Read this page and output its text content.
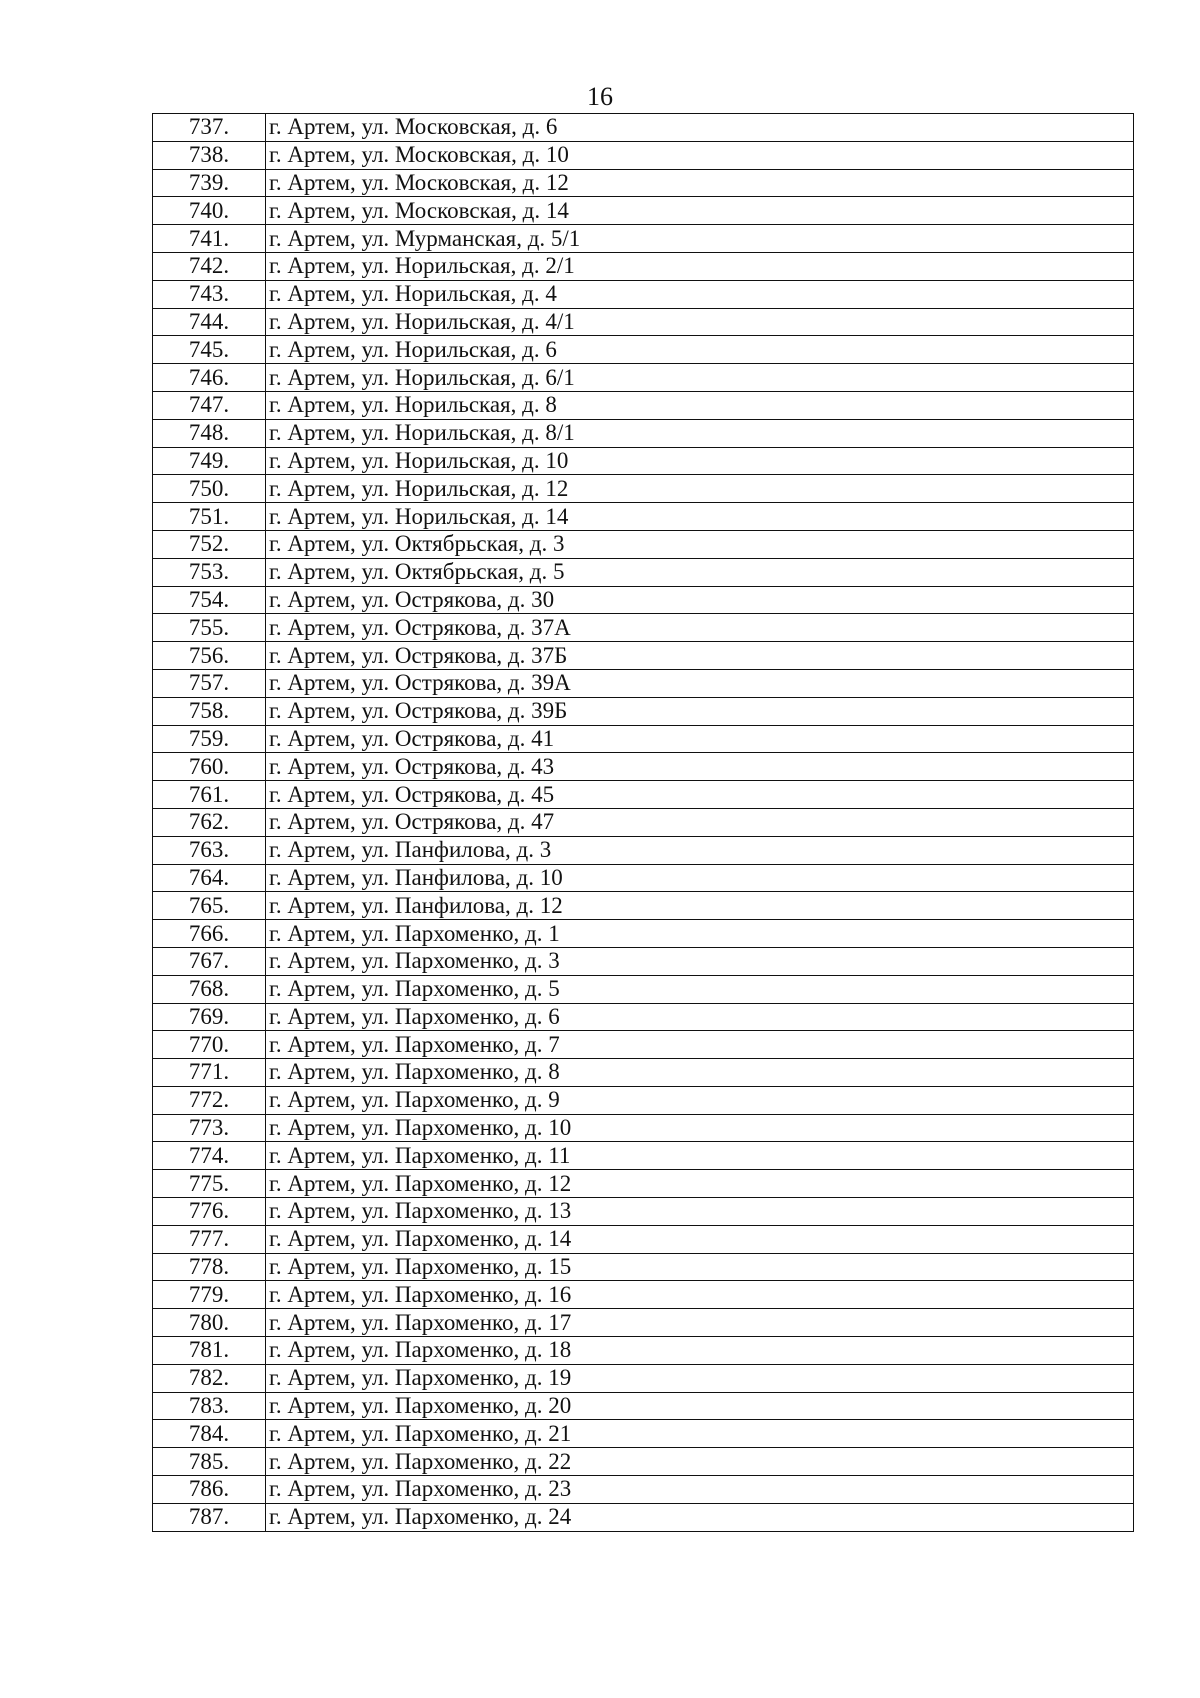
16
737.	г. Артем, ул. Московская, д. 6
738.	г. Артем, ул. Московская, д. 10
739.	г. Артем, ул. Московская, д. 12
740.	г. Артем, ул. Московская, д. 14
741.	г. Артем, ул. Мурманская, д. 5/1
742.	г. Артем, ул. Норильская, д. 2/1
743.	г. Артем, ул. Норильская, д. 4
744.	г. Артем, ул. Норильская, д. 4/1
745.	г. Артем, ул. Норильская, д. 6
746.	г. Артем, ул. Норильская, д. 6/1
747.	г. Артем, ул. Норильская, д. 8
748.	г. Артем, ул. Норильская, д. 8/1
749.	г. Артем, ул. Норильская, д. 10
750.	г. Артем, ул. Норильская, д. 12
751.	г. Артем, ул. Норильская, д. 14
752.	г. Артем, ул. Октябрьская, д. 3
753.	г. Артем, ул. Октябрьская, д. 5
754.	г. Артем, ул. Острякова, д. 30
755.	г. Артем, ул. Острякова, д. 37А
756.	г. Артем, ул. Острякова, д. 37Б
757.	г. Артем, ул. Острякова, д. 39А
758.	г. Артем, ул. Острякова, д. 39Б
759.	г. Артем, ул. Острякова, д. 41
760.	г. Артем, ул. Острякова, д. 43
761.	г. Артем, ул. Острякова, д. 45
762.	г. Артем, ул. Острякова, д. 47
763.	г. Артем, ул. Панфилова, д. 3
764.	г. Артем, ул. Панфилова, д. 10
765.	г. Артем, ул. Панфилова, д. 12
766.	г. Артем, ул. Пархоменко, д. 1
767.	г. Артем, ул. Пархоменко, д. 3
768.	г. Артем, ул. Пархоменко, д. 5
769.	г. Артем, ул. Пархоменко, д. 6
770.	г. Артем, ул. Пархоменко, д. 7
771.	г. Артем, ул. Пархоменко, д. 8
772.	г. Артем, ул. Пархоменко, д. 9
773.	г. Артем, ул. Пархоменко, д. 10
774.	г. Артем, ул. Пархоменко, д. 11
775.	г. Артем, ул. Пархоменко, д. 12
776.	г. Артем, ул. Пархоменко, д. 13
777.	г. Артем, ул. Пархоменко, д. 14
778.	г. Артем, ул. Пархоменко, д. 15
779.	г. Артем, ул. Пархоменко, д. 16
780.	г. Артем, ул. Пархоменко, д. 17
781.	г. Артем, ул. Пархоменко, д. 18
782.	г. Артем, ул. Пархоменко, д. 19
783.	г. Артем, ул. Пархоменко, д. 20
784.	г. Артем, ул. Пархоменко, д. 21
785.	г. Артем, ул. Пархоменко, д. 22
786.	г. Артем, ул. Пархоменко, д. 23
787.	г. Артем, ул. Пархоменко, д. 24
